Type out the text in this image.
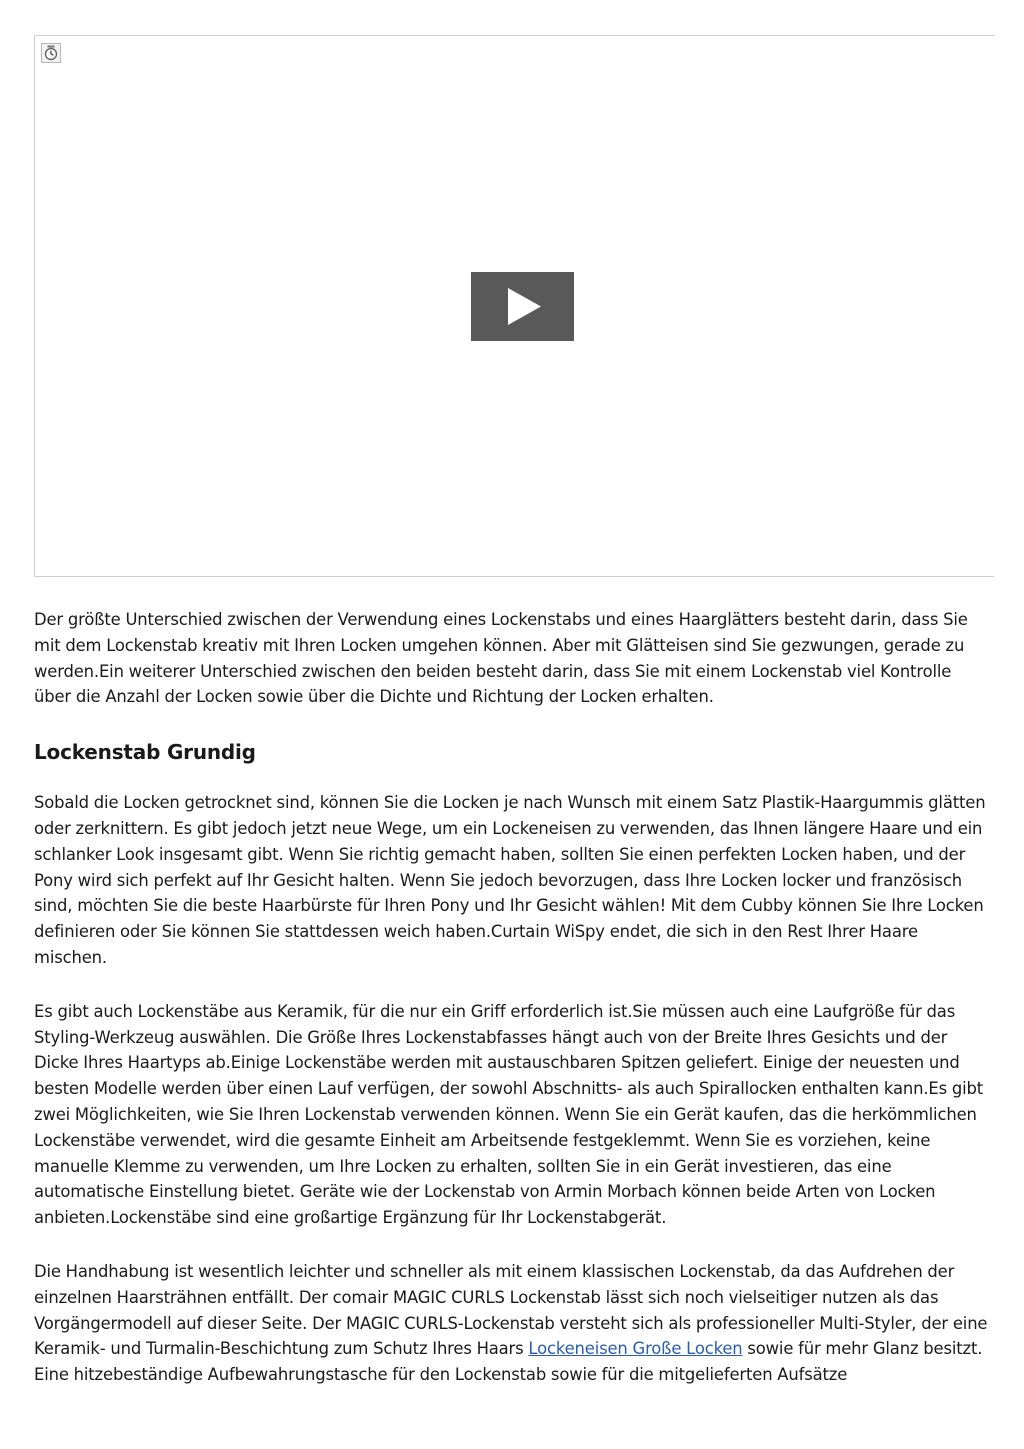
Der größte Unterschied zwischen der Verwendung eines Lockenstabs und eines Haarglätters besteht darin, dass Sie mit dem Lockenstab kreativ mit Ihren Locken umgehen können. Aber mit Glätteisen sind Sie gezwungen, gerade zu werden.Ein weiterer Unterschied zwischen den beiden besteht darin, dass Sie mit einem Lockenstab viel Kontrolle über die Anzahl der Locken sowie über die Dichte und Richtung der Locken erhalten.

Lockenstab Grundig

Sobald die Locken getrocknet sind, können Sie die Locken je nach Wunsch mit einem Satz Plastik-Haargummis glätten oder zerknittern. Es gibt jedoch jetzt neue Wege, um ein Lockeneisen zu verwenden, das Ihnen längere Haare und ein schlanker Look insgesamt gibt. Wenn Sie richtig gemacht haben, sollten Sie einen perfekten Locken haben, und der Pony wird sich perfekt auf Ihr Gesicht halten. Wenn Sie jedoch bevorzugen, dass Ihre Locken locker und französisch sind, möchten Sie die beste Haarbürste für Ihren Pony und Ihr Gesicht wählen! Mit dem Cubby können Sie Ihre Locken definieren oder Sie können Sie stattdessen weich haben.Curtain WiSpy endet, die sich in den Rest Ihrer Haare mischen.

Es gibt auch Lockenstäbe aus Keramik, für die nur ein Griff erforderlich ist.Sie müssen auch eine Laufgröße für das Styling-Werkzeug auswählen. Die Größe Ihres Lockenstabfasses hängt auch von der Breite Ihres Gesichts und der Dicke Ihres Haartyps ab.Einige Lockenstäbe werden mit austauschbaren Spitzen geliefert. Einige der neuesten und besten Modelle werden über einen Lauf verfügen, der sowohl Abschnitts- als auch Spirallocken enthalten kann.Es gibt zwei Möglichkeiten, wie Sie Ihren Lockenstab verwenden können. Wenn Sie ein Gerät kaufen, das die herkömmlichen Lockenstäbe verwendet, wird die gesamte Einheit am Arbeitsende festgeklemmt. Wenn Sie es vorziehen, keine manuelle Klemme zu verwenden, um Ihre Locken zu erhalten, sollten Sie in ein Gerät investieren, das eine automatische Einstellung bietet. Geräte wie der Lockenstab von Armin Morbach können beide Arten von Locken anbieten.Lockenstäbe sind eine großartige Ergänzung für Ihr Lockenstabgerät.

Die Handhabung ist wesentlich leichter und schneller als mit einem klassischen Lockenstab, da das Aufdrehen der einzelnen Haarsträhnen entfällt. Der comair MAGIC CURLS Lockenstab lässt sich noch vielseitiger nutzen als das Vorgängermodell auf dieser Seite. Der MAGIC CURLS-Lockenstab versteht sich als professioneller Multi-Styler, der eine Keramik- und Turmalin-Beschichtung zum Schutz Ihres Haars Lockeneisen Große Locken sowie für mehr Glanz besitzt. Eine hitzebeständige Aufbewahrungstasche für den Lockenstab sowie für die mitgelieferten Aufsätze
